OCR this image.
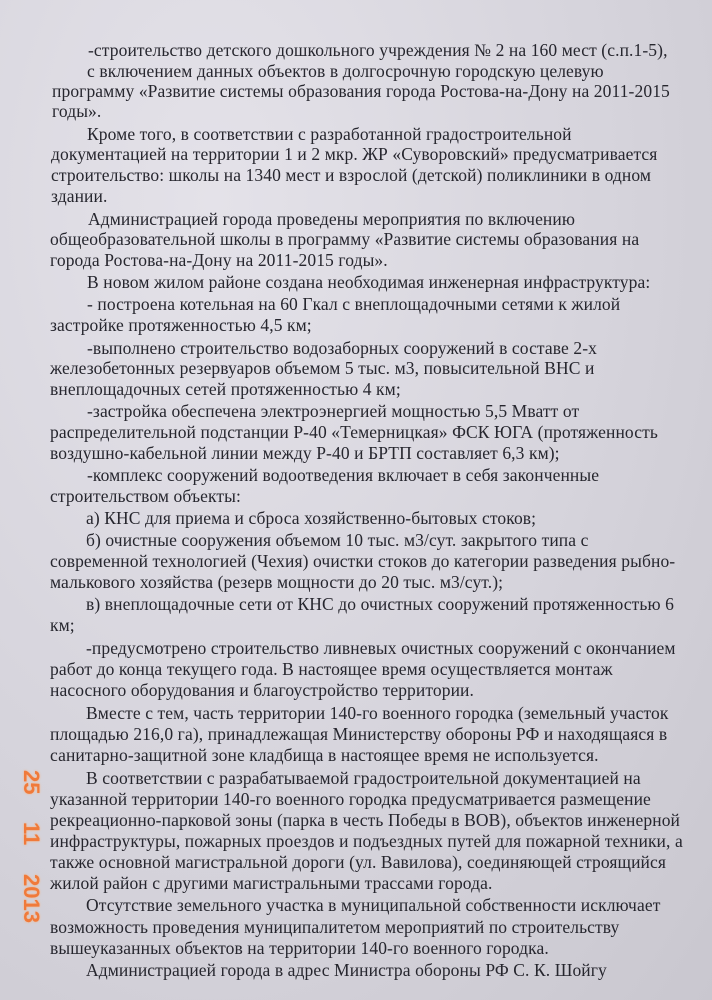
-строительство детского дошкольного учреждения № 2 на 160 мест (с.п.1-5),
с включением данных объектов в долгосрочную городскую целевую
программу «Развитие системы образования города Ростова-на-Дону на 2011-2015
годы».
Кроме того, в соответствии с разработанной градостроительной
документацией на территории 1 и 2 мкр. ЖР «Суворовский» предусматривается
строительство: школы на 1340 мест и взрослой (детской) поликлиники в одном
здании.
Администрацией города проведены мероприятия по включению
общеобразовательной школы в программу «Развитие системы образования на
города Ростова-на-Дону на 2011-2015 годы».
В новом жилом районе создана необходимая инженерная инфраструктура:
- построена котельная на 60 Гкал с внеплощадочными сетями к жилой
застройке протяженностью 4,5 км;
-выполнено строительство водозаборных сооружений в составе 2-х
железобетонных резервуаров объемом 5 тыс. м3, повысительной ВНС и
внеплощадочных сетей протяженностью 4 км;
-застройка обеспечена электроэнергией мощностью 5,5 Мватт от
распределительной подстанции Р-40 «Темерницкая» ФСК ЮГА (протяженность
воздушно-кабельной линии между Р-40 и БРТП составляет 6,3 км);
-комплекс сооружений водоотведения включает в себя законченные
строительством объекты:
а) КНС для приема и сброса хозяйственно-бытовых стоков;
б) очистные сооружения объемом 10 тыс. м3/сут. закрытого типа с
современной технологией (Чехия) очистки стоков до категории разведения рыбно-
малькового хозяйства (резерв мощности до 20 тыс. м3/сут.);
в) внеплощадочные сети от КНС до очистных сооружений протяженностью 6
км;
-предусмотрено строительство ливневых очистных сооружений с окончанием
работ до конца текущего года. В настоящее время осуществляется монтаж
насосного оборудования и благоустройство территории.
Вместе с тем, часть территории 140-го военного городка (земельный участок
площадью 216,0 га), принадлежащая Министерству обороны РФ и находящаяся в
санитарно-защитной зоне кладбища в настоящее время не используется.
В соответствии с разрабатываемой градостроительной документацией на
указанной территории 140-го военного городка предусматривается размещение
рекреационно-парковой зоны (парка в честь Победы в ВОВ), объектов инженерной
инфраструктуры, пожарных проездов и подъездных путей для пожарной техники, а
также основной магистральной дороги (ул. Вавилова), соединяющей строящийся
жилой район с другими магистральными трассами города.
Отсутствие земельного участка в муниципальной собственности исключает
возможность проведения муниципалитетом мероприятий по строительству
вышеуказанных объектов на территории 140-го военного городка.
Администрацией города в адрес Министра обороны РФ С. К. Шойгу
25
11
2013
